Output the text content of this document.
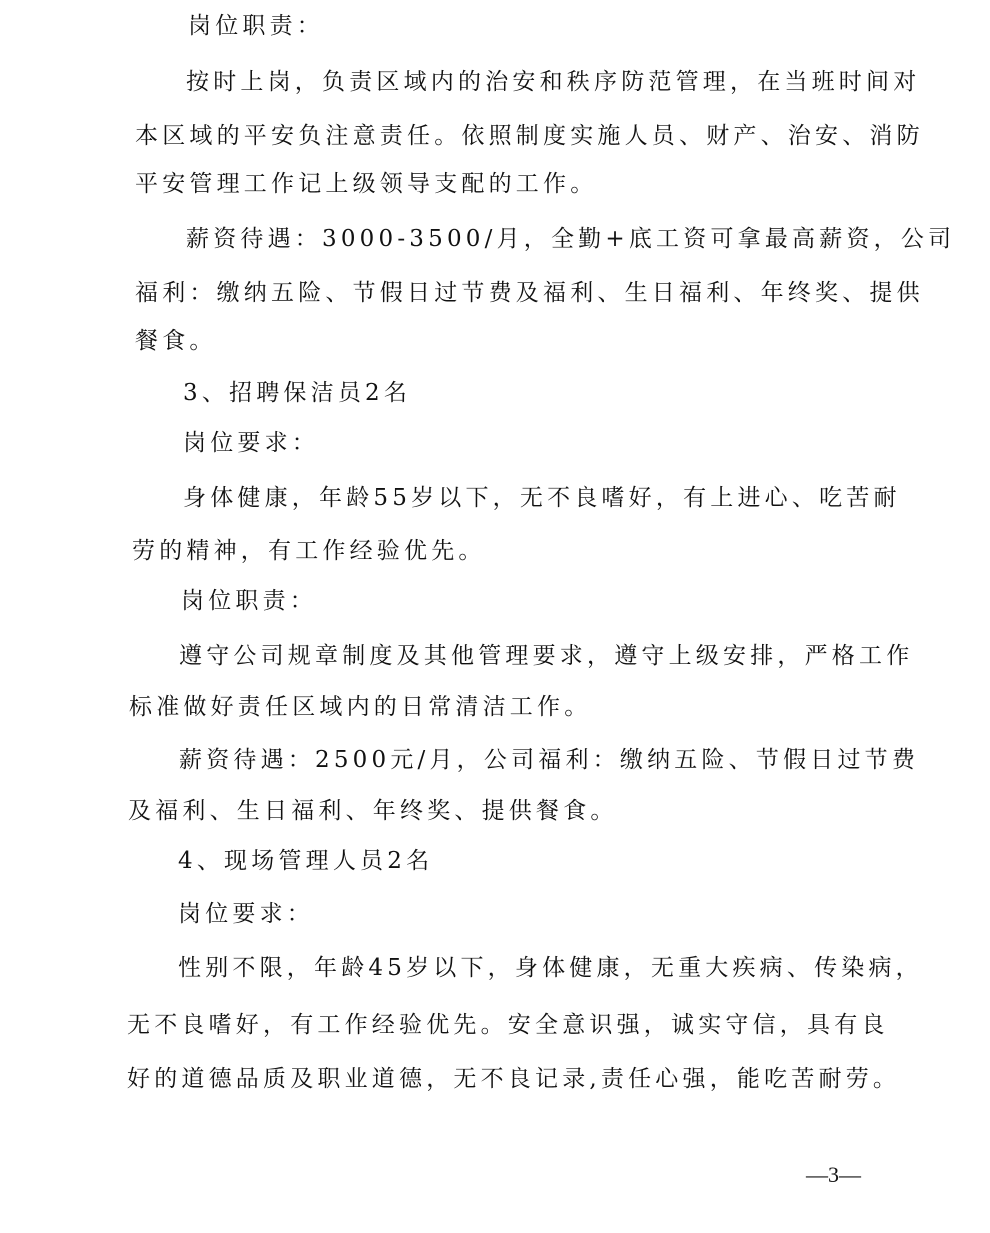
岗位职责：
按时上岗，负责区域内的治安和秩序防范管理，在当班时间对
本区域的平安负注意责任。依照制度实施人员、财产、治安、消防
平安管理工作记上级领导支配的工作。
薪资待遇：3000-3500/月，全勤+底工资可拿最高薪资，公司
福利：缴纳五险、节假日过节费及福利、生日福利、年终奖、提供
餐食。
3、招聘保洁员2名
岗位要求：
身体健康，年龄55岁以下，无不良嗜好，有上进心、吃苦耐
劳的精神，有工作经验优先。
岗位职责：
遵守公司规章制度及其他管理要求，遵守上级安排，严格工作
标准做好责任区域内的日常清洁工作。
薪资待遇：2500元/月，公司福利：缴纳五险、节假日过节费
及福利、生日福利、年终奖、提供餐食。
4、现场管理人员2名
岗位要求：
性别不限，年龄45岁以下，身体健康，无重大疾病、传染病，
无不良嗜好，有工作经验优先。安全意识强，诚实守信，具有良
好的道德品质及职业道德，无不良记录,责任心强，能吃苦耐劳。
—3—
